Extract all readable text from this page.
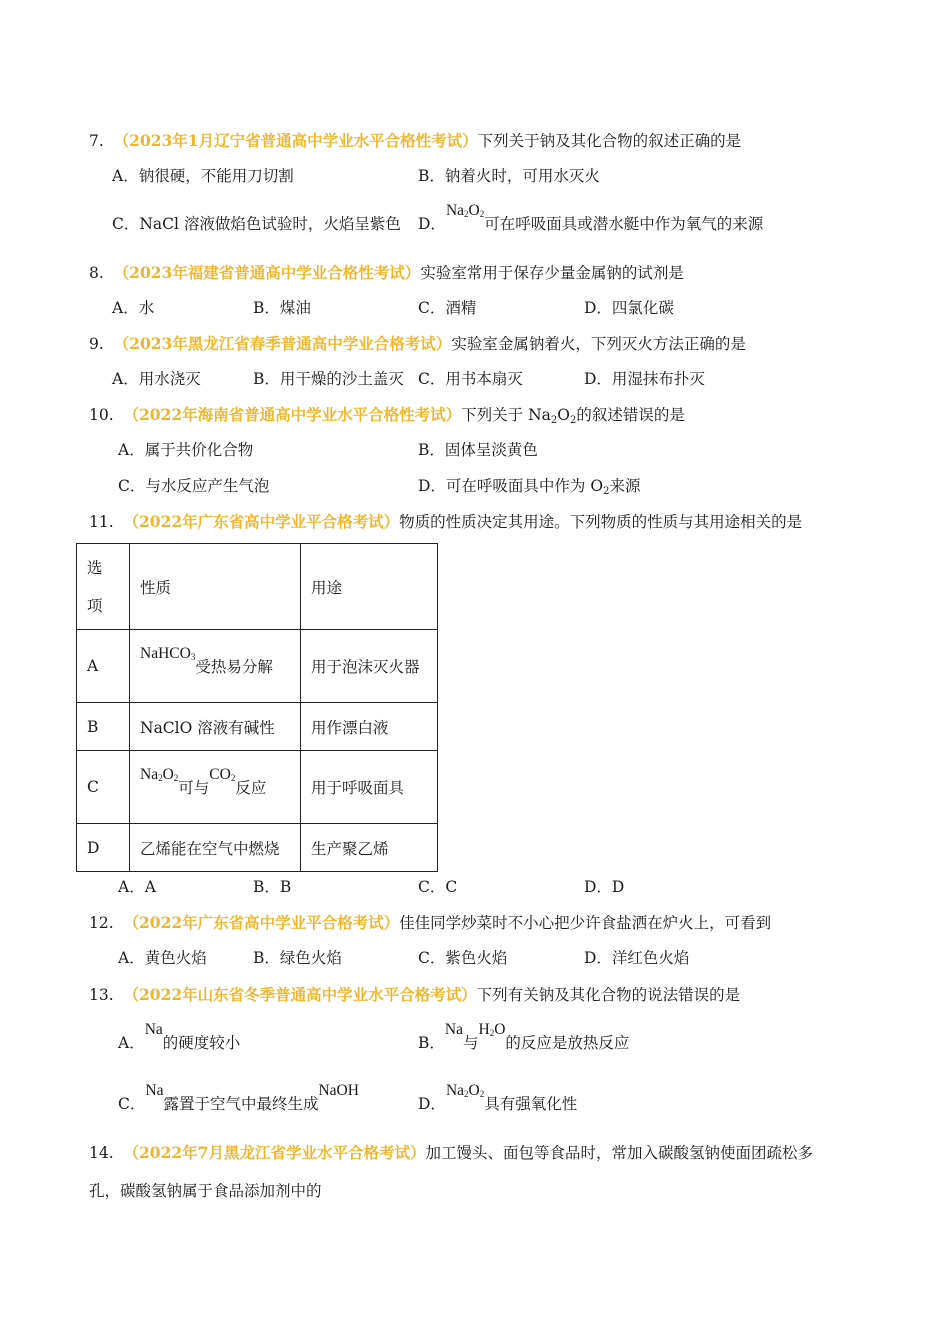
7. （2023年1月辽宁省普通高中学业水平合格性考试）下列关于钠及其化合物的叙述正确的是
A．钠很硬，不能用刀切割	B．钠着火时，可用水灭火
C．NaCl 溶液做焰色试验时，火焰呈紫色 D．$Na_2O_2$可在呼吸面具或潜水艇中作为氧气的来源
8. （2023年福建省普通高中学业合格性考试）实验室常用于保存少量金属钠的试剂是
A．水	B．煤油	C．酒精	D．四氯化碳
9. （2023年黑龙江省春季普通高中学业合格考试）实验室金属钠着火，下列灭火方法正确的是
A．用水浇灭	B．用干燥的沙土盖灭 C．用书本扇灭	D．用湿抹布扑灭
10. （2022年海南省普通高中学业水平合格性考试）下列关于 $Na_2O_2$的叙述错误的是
A．属于共价化合物	B．固体呈淡黄色
C．与水反应产生气泡	D．可在呼吸面具中作为 $O_2$来源
11. （2022年广东省高中学业平合格考试）物质的性质决定其用途。下列物质的性质与其用途相关的是
选
项	性质	用途
A	NaHCO$_3$受热易分解	用于泡沫灭火器
B	NaClO 溶液有碱性	用作漂白液
C	$Na_2O_2$可与$CO_2$反应	用于呼吸面具
D	乙烯能在空气中燃烧	生产聚乙烯
A．A	B．B	C．C	D．D
12. （2022年广东省高中学业平合格考试）佳佳同学炒菜时不小心把少许食盐洒在炉火上，可看到
A．黄色火焰	B．绿色火焰	C．紫色火焰	D．洋红色火焰
13. （2022年山东省冬季普通高中学业水平合格考试）下列有关钠及其化合物的说法错误的是
A．Na的硬度较小	B．Na与$H_2O$的反应是放热反应
C．Na露置于空气中最终生成NaOH
D．$Na_2O_2$具有强氧化性
14. （2022年7月黑龙江省学业水平合格考试）加工馒头、面包等食品时，常加入碳酸氢钠使面团疏松多
孔，碳酸氢钠属于食品添加剂中的
